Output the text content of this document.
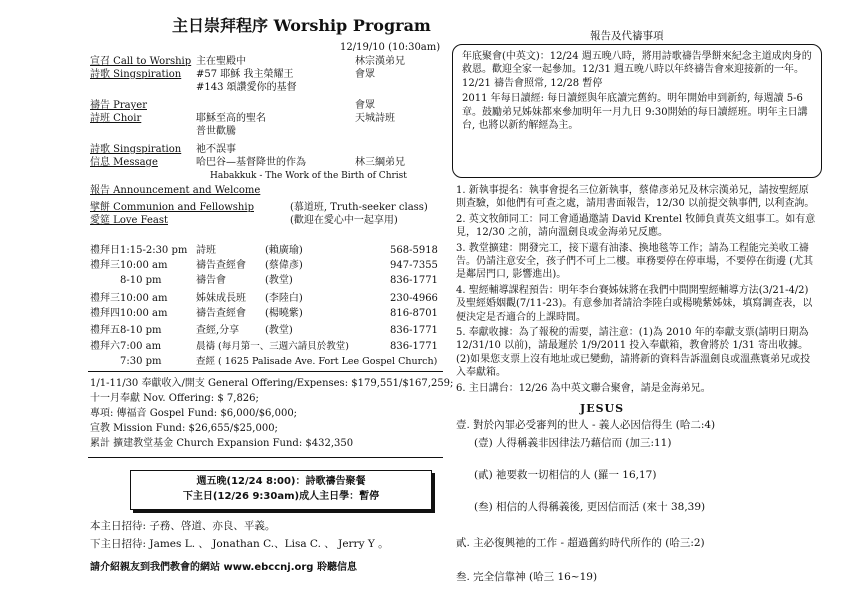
主日崇拜程序 Worship Program
12/19/10 (10:30am)
宣召 Call to Worship 主在聖殿中	林宗漢弟兄
詩歌 Singspiration #57 耶穌 我主榮耀王	會眾
#143 頌讚愛你的基督
禱告 Prayer	會眾
詩班 Choir	耶穌至高的聖名	天城詩班
普世歡騰
詩歌 Singspiration 祂不誤事
信息 Message	哈巴谷—基督降世的作為	林三綱弟兄
Habakkuk - The Work of the Birth of Christ
報告 Announcement and Welcome
擘餅 Communion and Fellowship	(慕道班, Truth-seeker class)
愛筵 Love Feast	(歡迎在愛心中一起享用)
禮拜日 1:15-2:30 pm 詩班	(賴廣瑜)	568-5918
禮拜三 10:00 am	禱告查經會 (蔡偉彥)	947-7355
8-10 pm	禱告會	(教堂)	836-1771
禮拜三 10:00 am	姊妹成長班 (李陸白)	230-4966
禮拜四 10:00 am	禱告查經會 (楊曉紫)	816-8701
禮拜五 8-10 pm	查經,分享	(教堂)	836-1771
禮拜六 7:00 am	晨禱 (每月第一、三週六請貝於教堂)	836-1771
7:30 pm	查經 ( 1625 Palisade Ave. Fort Lee Gospel Church)
1/1-11/30 奉獻收入/開支 General Offering/Expenses: $179,551/$167,259;
十一月奉獻 Nov. Offering: $ 7,826;
專項: 傳福音 Gospel Fund: $6,000/$6,000;
宣教 Mission Fund: $26,655/$25,000;
累計 擴建教堂基金 Church Expansion Fund: $432,350
週五晚(12/24 8:00)：詩歌禱告聚餐
下主日(12/26 9:30am)成人主日學：暫停
本主日招待: 子務、啓道、亦良、平義。
下主日招待: James L. 、 Jonathan C.、Lisa C. 、 Jerry Y 。
請介紹親友到我們教會的網站 www.ebccnj.org 聆聽信息
報告及代禱事項

年底聚會(中英文)：12/24 週五晚八時，將用詩歌禱告學餅來紀念主道成肉身的救恩。歡迎全家一起參加。12/31 週五晚八時以年終禱告會來迎接新的一年。12/21 禱告會照常, 12/28 暫停

2011 年每日讀經: 每日讀經與年底讀完舊約。明年開始申到新約, 每週讀 5-6 章。鼓勵弟兄姊妹都來參加明年一月九日 9:30開始的每日讀經班。明年主日講台, 也將以新約解經為主。

1. 新執事提名：執事會提名三位新執事，蔡偉彥弟兄及林宗漢弟兄，請按聖經原則查驗，如他們有可查之處，請用書面報告，12/30 以前提交執事們, 以利查詢。

2. 英文牧師同工：同工會通過邀請 David Krentel 牧師負責英文組事工。如有意見，12/30 之前，請向溫劍良或金海弟兄反應。

3. 教堂擴建：開發完工，接下還有油漆、換地毯等工作；請為工程能完美收工禱告。仍請注意安全，孩子們不可上二樓。車務要停在停車場，不要停在街邊 (尤其是鄰居門口, 影響進出)。

4. 聖經輔導課程預告：明年李台賽姊妹將在我們中間開聖經輔導方法(3/21-4/2)及聖經婚姻觀(7/11-23)。有意參加者請洽李陸白或楊曉紫姊妹，填寫調查表，以便決定是否適合的上課時間。

5. 奉獻收據：為了報稅的需要，請注意：(1)為 2010 年的奉獻支票(請明日期為 12/31/10 以前)，請最遲於 1/9/2011 投入奉獻箱，教會將於 1/31 寄出收據。(2)如果您支票上沒有地址或已變動，請將新的資料告訴溫劍良或溫燕寰弟兄或投入奉獻箱。

6. 主日講台：12/26 為中英文聯合聚會，請是金海弟兄。

JESUS
壹. 對於內罪必受審判的世人 - 義人必因信得生 (哈二:4)
(壹) 人得稱義非因律法乃藉信而 (加三:11)
(貳) 祂要救一切相信的人 (羅一 16,17)
(叁) 相信的人得稱義後, 更因信而活 (來十 38,39)
貳. 主必復興祂的工作 - 超過舊約時代所作的 (哈三:2)
叁. 完全信靠神 (哈三 16~19)
